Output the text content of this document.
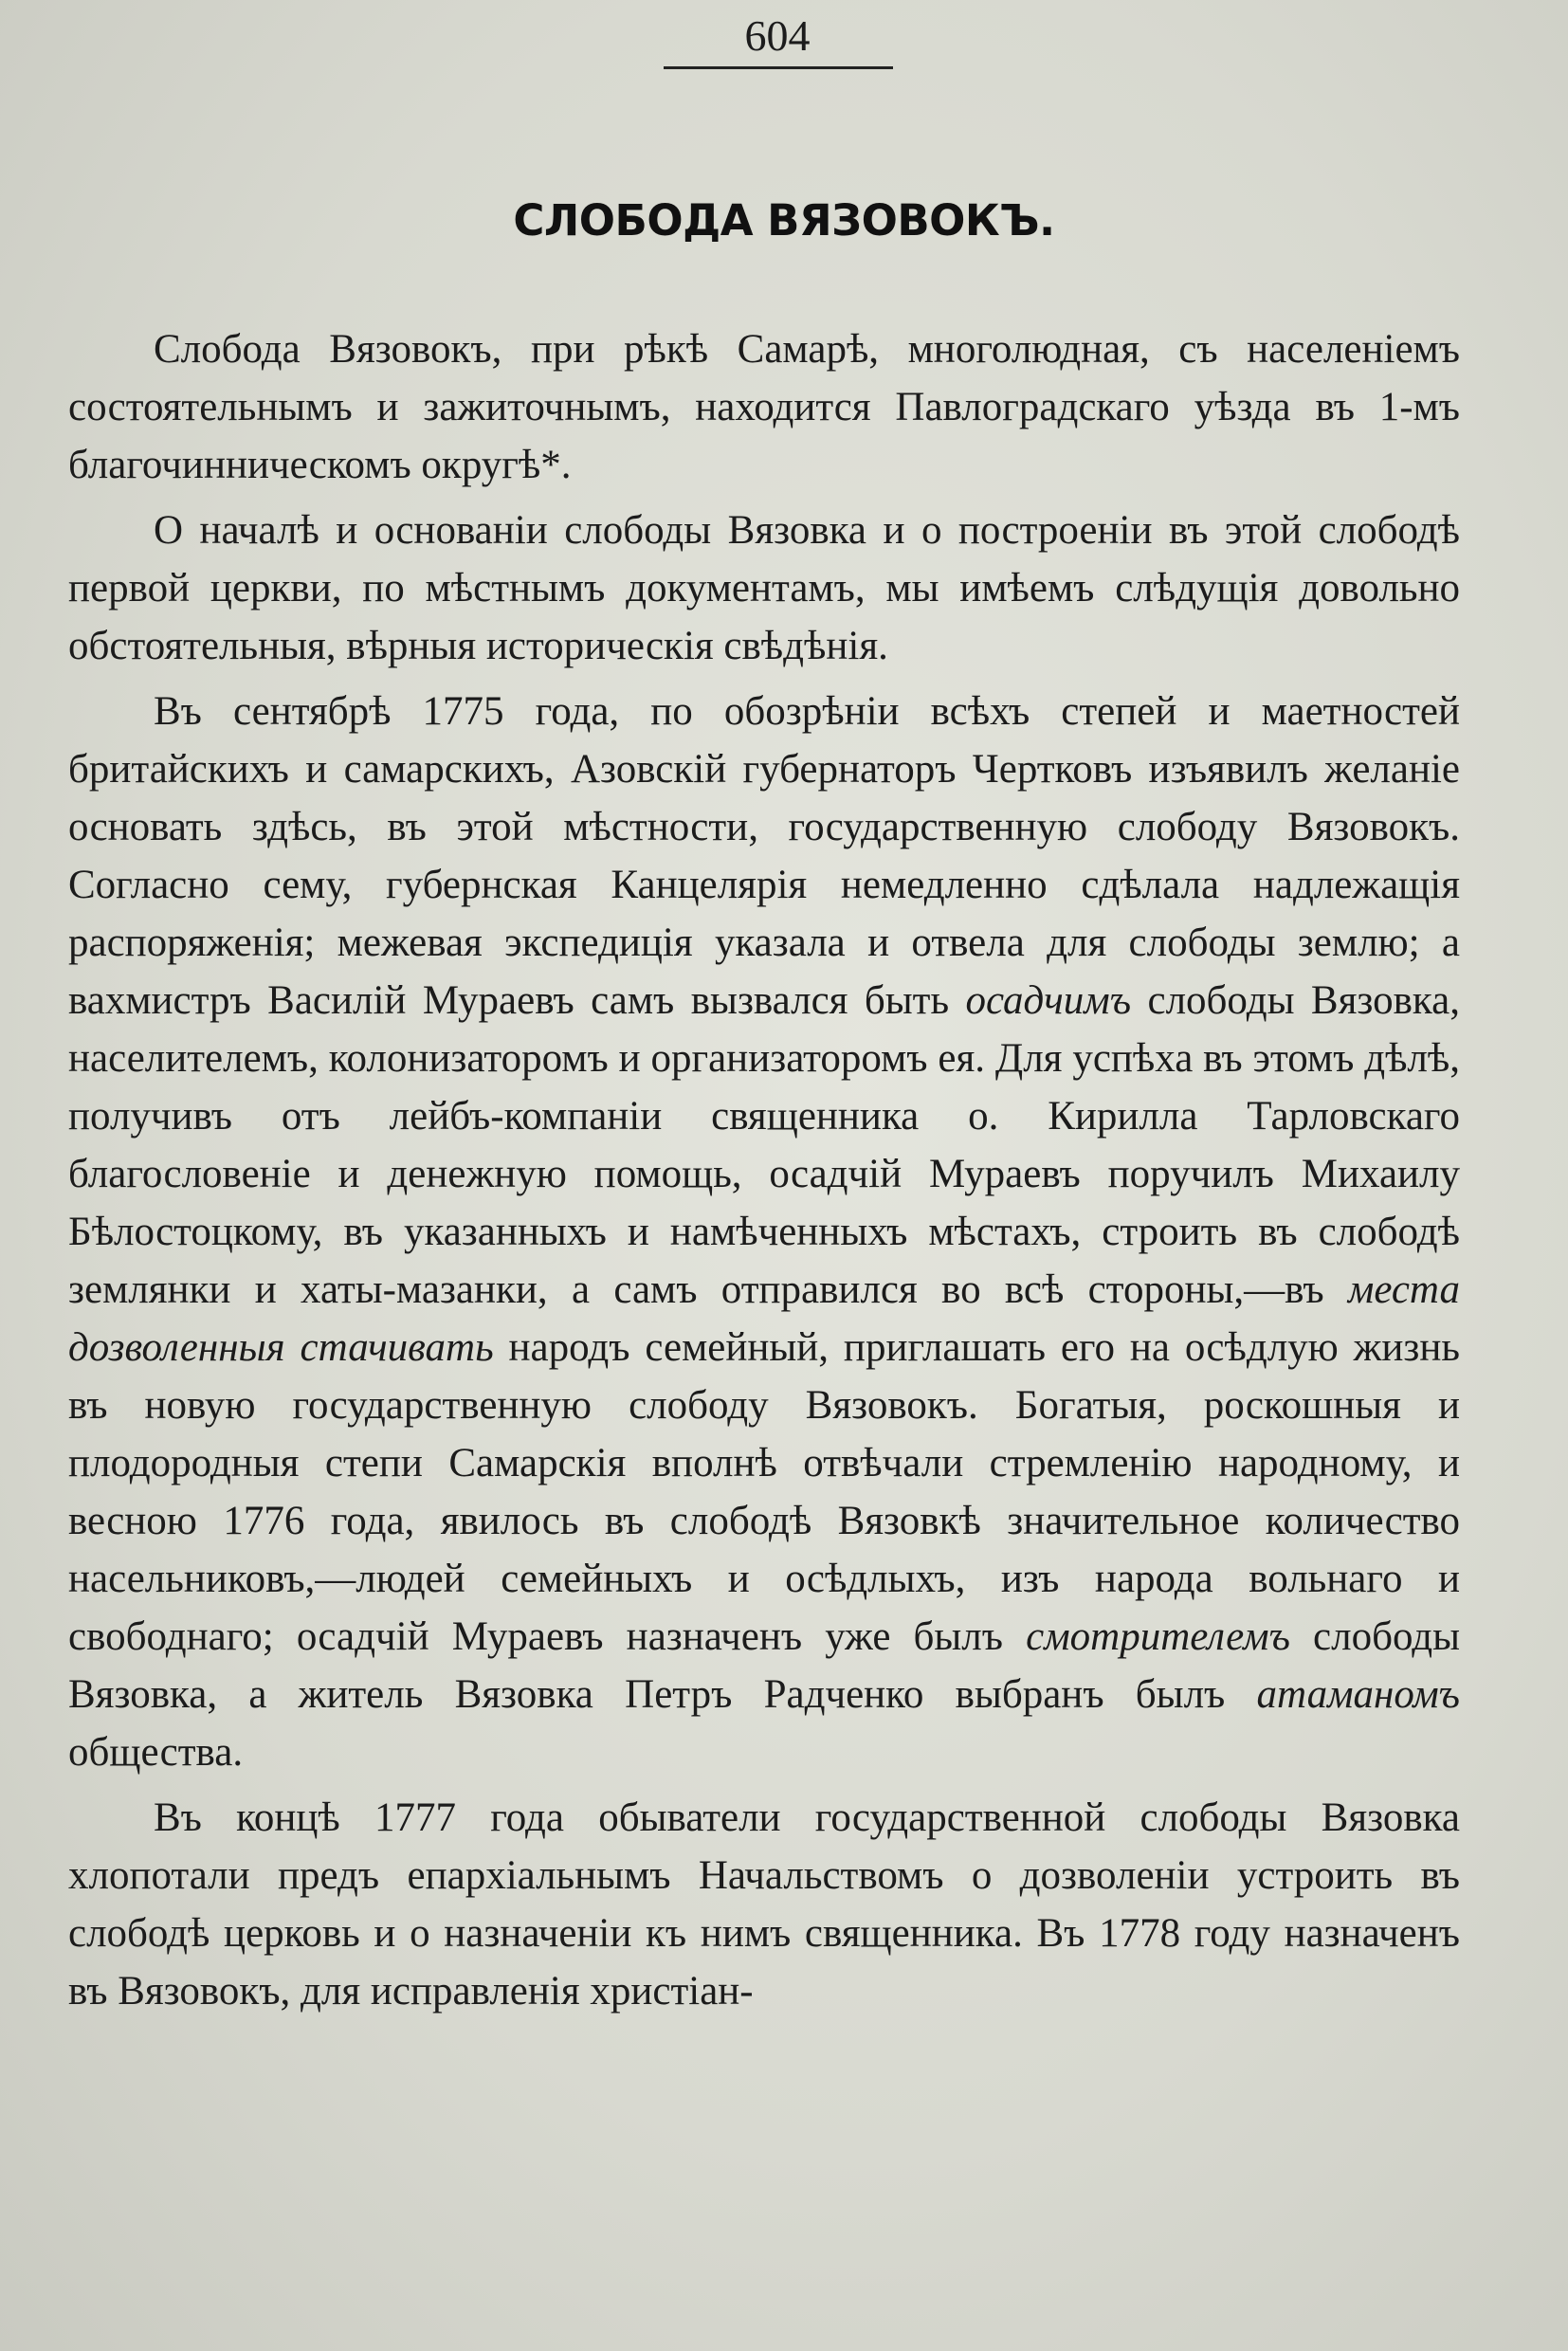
604
СЛОБОДА ВЯЗОВОКЪ.

Слобода Вязовокъ, при рѣкѣ Самарѣ, многолюдная, съ населеніемъ состоятельнымъ и зажиточнымъ, находится Павлоградскаго уѣзда въ 1-мъ благочинническомъ округѣ*.

О началѣ и основаніи слободы Вязовка и о построеніи въ этой слободѣ первой церкви, по мѣстнымъ документамъ, мы имѣемъ слѣдущія довольно обстоятельныя, вѣрныя историческія свѣдѣнія.

Въ сентябрѣ 1775 года, по обозрѣніи всѣхъ степей и маетностей бритайскихъ и самарскихъ, Азовскій губернаторъ Чертковъ изъявилъ желаніе основать здѣсь, въ этой мѣстности, государственную слободу Вязовокъ. Согласно сему, губернская Канцелярія немедленно сдѣлала надлежащія распоряженія; межевая экспедиція указала и отвела для слободы землю; а вахмистръ Василій Мураевъ самъ вызвался быть осадчимъ слободы Вязовка, населителемъ, колонизаторомъ и организаторомъ ея. Для успѣха въ этомъ дѣлѣ, получивъ отъ лейбъ-компаніи священника о. Кирилла Тарловскаго благословеніе и денежную помощь, осадчій Мураевъ поручилъ Михаилу Бѣлостоцкому, въ указанныхъ и намѣченныхъ мѣстахъ, строить въ слободѣ землянки и хаты-мазанки, а самъ отправился во всѣ стороны,—въ места дозволенныя стачивать народъ семейный, приглашать его на осѣдлую жизнь въ новую государственную слободу Вязовокъ. Богатыя, роскошныя и плодородныя степи Самарскія вполнѣ отвѣчали стремленію народному, и весною 1776 года, явилось въ слободѣ Вязовкѣ значительное количество насельниковъ,—людей семейныхъ и осѣдлыхъ, изъ народа вольнаго и свободнаго; осадчій Мураевъ назначенъ уже былъ смотрителемъ слободы Вязовка, а житель Вязовка Петръ Радченко выбранъ былъ атаманомъ общества.

Въ концѣ 1777 года обыватели государственной слободы Вязовка хлопотали предъ епархіальнымъ Начальствомъ о дозволеніи устроить въ слободѣ церковь и о назначеніи къ нимъ священника. Въ 1778 году назначенъ въ Вязовокъ, для исправленія христіан-
